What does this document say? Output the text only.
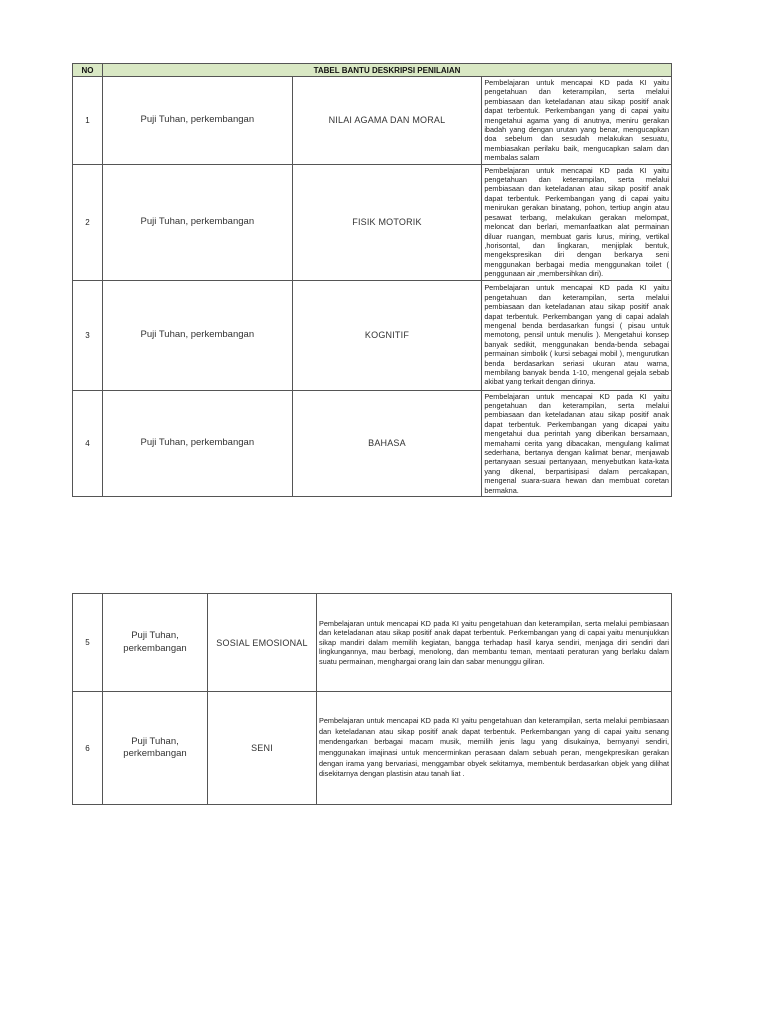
NO	TABEL BANTU DESKRIPSI PENILAIAN		
1	Puji Tuhan, perkembangan	NILAI AGAMA DAN MORAL	Pembelajaran untuk mencapai KD pada KI yaitu pengetahuan dan keterampilan, serta melalui pembiasaan dan keteladanan atau sikap positif anak dapat terbentuk. Perkembangan yang di capai yaitu mengetahui agama yang di anutnya, meniru gerakan ibadah yang dengan urutan yang benar, mengucapkan doa sebelum dan sesudah melakukan sesuatu, membiasakan perilaku baik, mengucapkan salam dan membalas salam
2	Puji Tuhan, perkembangan	FISIK MOTORIK	Pembelajaran untuk mencapai KD pada KI yaitu pengetahuan dan keterampilan, serta melalui pembiasaan dan keteladanan atau sikap positif anak dapat terbentuk. Perkembangan yang di capai yaitu menirukan gerakan binatang, pohon, tertiup angin atau pesawat terbang, melakukan gerakan melompat, meloncat dan berlari, memanfaatkan alat permainan diluar ruangan, membuat garis lurus, miring, vertikal ,horisontal, dan lingkaran, menjiplak bentuk, mengekspresikan diri dengan berkarya seni menggunakan berbagai media menggunakan toilet ( penggunaan air ,membersihkan diri).
3	Puji Tuhan, perkembangan	KOGNITIF	Pembelajaran untuk mencapai KD pada KI yaitu pengetahuan dan keterampilan, serta melalui pembiasaan dan keteladanan atau sikap positif anak dapat terbentuk. Perkembangan yang di capai adalah mengenal benda berdasarkan fungsi ( pisau untuk memotong, pensil untuk menulis ). Mengetahui konsep banyak sedikit, menggunakan benda-benda sebagai permainan simbolik ( kursi sebagai mobil ), mengurutkan benda berdasarkan seriasi ukuran atau warna, membilang banyak benda 1-10, mengenal gejala sebab akibat yang terkait dengan dirinya.
4	Puji Tuhan, perkembangan	BAHASA	Pembelajaran untuk mencapai KD pada KI yaitu pengetahuan dan keterampilan, serta melalui pembiasaan dan keteladanan atau sikap positif anak dapat terbentuk. Perkembangan yang dicapai yaitu mengetahui dua perintah yang diberikan bersamaan, memahami cerita yang dibacakan, mengulang kalimat sederhana, bertanya dengan kalimat benar, menjawab pertanyaan sesuai pertanyaan, menyebutkan kata-kata yang dikenal, berpartisipasi dalam percakapan, mengenal suara-suara hewan dan membuat coretan bermakna.
5	Puji Tuhan, perkembangan	SOSIAL EMOSIONAL	Pembelajaran untuk mencapai KD pada KI yaitu pengetahuan dan keterampilan, serta melalui pembiasaan dan keteladanan atau sikap positif anak dapat terbentuk. Perkembangan yang di capai yaitu menunjukkan sikap mandiri dalam memilih kegiatan, bangga terhadap hasil karya sendiri, menjaga diri sendiri dari lingkungannya, mau berbagi, menolong, dan membantu teman, mentaati peraturan yang berlaku dalam suatu permainan, menghargai orang lain dan sabar menunggu giliran.
6	Puji Tuhan, perkembangan	SENI	Pembelajaran untuk mencapai KD pada KI yaitu pengetahuan dan keterampilan, serta melalui pembiasaan dan keteladanan atau sikap positif anak dapat terbentuk. Perkembangan yang di capai yaitu senang mendengarkan berbagai macam musik, memilih jenis lagu yang disukainya, bernyanyi sendiri, menggunakan imajinasi untuk mencerminkan perasaan dalam sebuah peran, mengekpresikan gerakan dengan irama yang bervariasi, menggambar obyek sekitarnya, membentuk berdasarkan objek yang dilihat disekitarnya dengan plastisin atau tanah liat .
